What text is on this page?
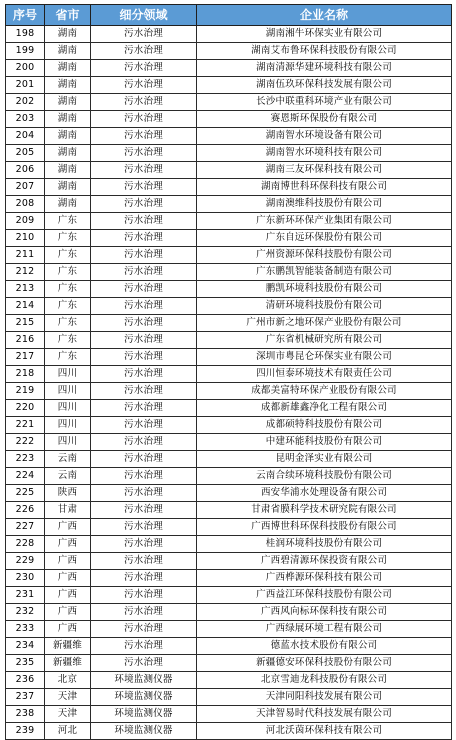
序号	省市	细分领域	企业名称
198	湖南	污水治理	湖南湘牛环保实业有限公司
199	湖南	污水治理	湖南艾布鲁环保科技股份有限公司
200	湖南	污水治理	湖南清源华建环境科技有限公司
201	湖南	污水治理	湖南伍玖环保科技发展有限公司
202	湖南	污水治理	长沙中联重科环境产业有限公司
203	湖南	污水治理	赛恩斯环保股份有限公司
204	湖南	污水治理	湖南智水环境设备有限公司
205	湖南	污水治理	湖南智水环境科技有限公司
206	湖南	污水治理	湖南三友环保科技有限公司
207	湖南	污水治理	湖南博世科环保科技有限公司
208	湖南	污水治理	湖南澳维科技股份有限公司
209	广东	污水治理	广东新环环保产业集团有限公司
210	广东	污水治理	广东自远环保股份有限公司
211	广东	污水治理	广州资源环保科技股份有限公司
212	广东	污水治理	广东鹏凯智能装备制造有限公司
213	广东	污水治理	鹏凯环境科技股份有限公司
214	广东	污水治理	清研环境科技股份有限公司
215	广东	污水治理	广州市新之地环保产业股份有限公司
216	广东	污水治理	广东省机械研究所有限公司
217	广东	污水治理	深圳市粤昆仑环保实业有限公司
218	四川	污水治理	四川恒泰环境技术有限责任公司
219	四川	污水治理	成都美富特环保产业股份有限公司
220	四川	污水治理	成都新雄鑫净化工程有限公司
221	四川	污水治理	成都硕特科技股份有限公司
222	四川	污水治理	中建环能科技股份有限公司
223	云南	污水治理	昆明金泽实业有限公司
224	云南	污水治理	云南合续环境科技股份有限公司
225	陕西	污水治理	西安华浦水处理设备有限公司
226	甘肃	污水治理	甘肃省膜科学技术研究院有限公司
227	广西	污水治理	广西博世科环保科技股份有限公司
228	广西	污水治理	桂润环境科技股份有限公司
229	广西	污水治理	广西碧清源环保投资有限公司
230	广西	污水治理	广西桦源环保科技有限公司
231	广西	污水治理	广西益江环保科技股份有限公司
232	广西	污水治理	广西风向标环保科技有限公司
233	广西	污水治理	广西绿展环境工程有限公司
234	新疆维	污水治理	德蓝水技术股份有限公司
235	新疆维	污水治理	新疆德安环保科技股份有限公司
236	北京	环境监测仪器	北京雪迪龙科技股份有限公司
237	天津	环境监测仪器	天津同阳科技发展有限公司
238	天津	环境监测仪器	天津智易时代科技发展有限公司
239	河北	环境监测仪器	河北沃茵环保科技有限公司
